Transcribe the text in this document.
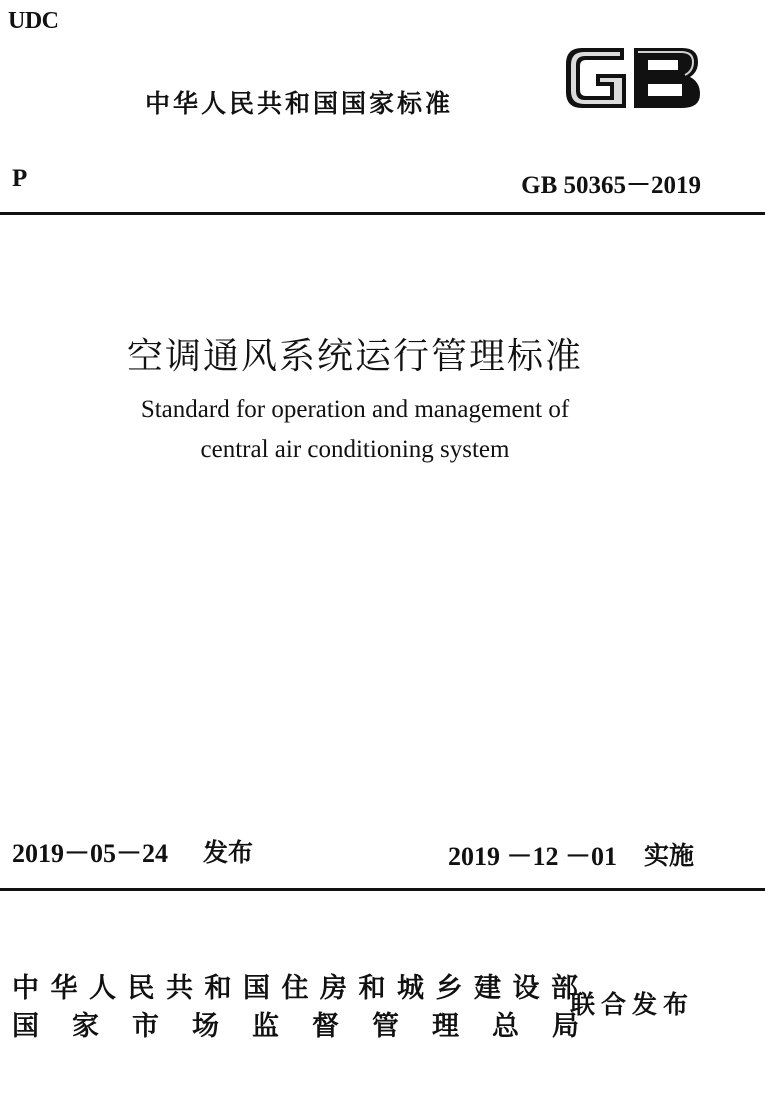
UDC
中华人民共和国国家标准
P	GB 50365－2019
空调通风系统运行管理标准
Standard for operation and management of
central air conditioning system
2019－05－24 发布	2019 －12 －01 实施
中华人民共和国住房和城乡建设部
国家市场监督管理总局
联合发布
